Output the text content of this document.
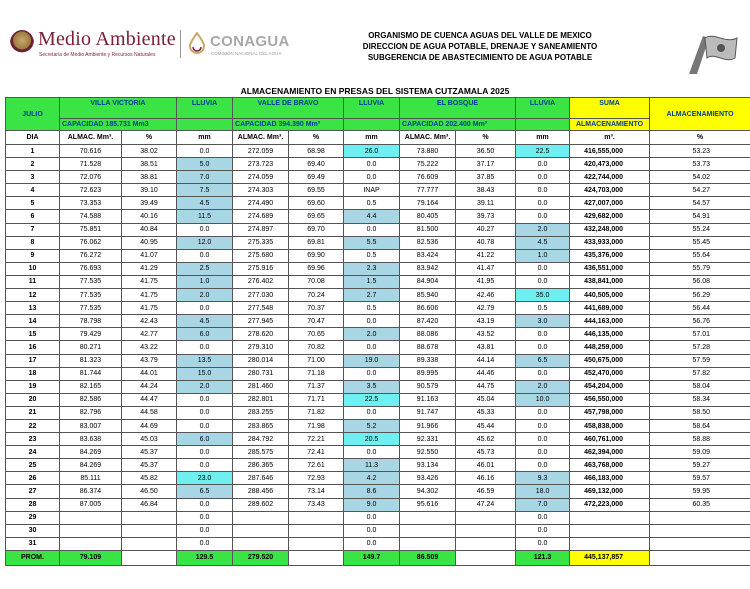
Medio Ambiente
Secretaría de Medio Ambiente y Recursos Naturales
CONAGUA
COMISIÓN NACIONAL DEL AGUA
ORGANISMO DE CUENCA AGUAS DEL VALLE DE MEXICO
DIRECCION DE AGUA POTABLE, DRENAJE Y SANEAMIENTO
SUBGERENCIA DE ABASTECIMIENTO DE AGUA POTABLE
ALMACENAMIENTO EN PRESAS DEL SISTEMA CUTZAMALA 2025
JULIO	VILLA VICTORIA		LLUVIA	VALLE DE BRAVO		LLUVIA	EL BOSQUE		LLUVIA	SUMA	ALMACENAMIENTO
	CAPACIDAD 185.731 Mm3			CAPACIDAD 394.390 Mm³			CAPACIDAD 202.400 Mm³			ALMACENAMIENTO	
DIA	ALMAC. Mm³.	%	mm	ALMAC. Mm³.	%	mm	ALMAC. Mm³.	%	mm	m³.	%
1	70.616	38.02	0.0	272.059	68.98	26.0	73.880	36.50	22.5	416,555,000	53.23
2	71.528	38.51	5.0	273.723	69.40	0.0	75.222	37.17	0.0	420,473,000	53.73
3	72.076	38.81	7.0	274.059	69.49	0.0	76.609	37.85	0.0	422,744,000	54.02
4	72.623	39.10	7.5	274.303	69.55	INAP	77.777	38.43	0.0	424,703,000	54.27
5	73.353	39.49	4.5	274.490	69.60	0.5	79.164	39.11	0.0	427,007,000	54.57
6	74.588	40.16	11.5	274.689	69.65	4.4	80.405	39.73	0.0	429,682,000	54.91
7	75.851	40.84	0.0	274.897	69.70	0.0	81.500	40.27	2.0	432,248,000	55.24
8	76.062	40.95	12.0	275.335	69.81	5.5	82.536	40.78	4.5	433,933,000	55.45
9	76.272	41.07	0.0	275.680	69.90	0.5	83.424	41.22	1.0	435,376,000	55.64
10	76.693	41.29	2.5	275.916	69.96	2.3	83.942	41.47	0.0	436,551,000	55.79
11	77.535	41.75	1.0	276.402	70.08	1.5	84.904	41.95	0.0	438,841,000	56.08
12	77.535	41.75	2.0	277.030	70.24	2.7	85.940	42.46	35.0	440,505,000	56.29
13	77.535	41.75	0.0	277.548	70.37	0.5	86.606	42.79	0.5	441,689,000	56.44
14	78.798	42.43	4.5	277.945	70.47	0.0	87.420	43.19	3.0	444,163,000	56.76
15	79.429	42.77	6.0	278.620	70.65	2.0	88.086	43.52	0.0	446,135,000	57.01
16	80.271	43.22	0.0	279.310	70.82	0.0	88.678	43.81	0.0	448,259,000	57.28
17	81.323	43.79	13.5	280.014	71.00	19.0	89.338	44.14	6.5	450,675,000	57.59
18	81.744	44.01	15.0	280.731	71.18	0.0	89.995	44.46	0.0	452,470,000	57.82
19	82.165	44.24	2.0	281.460	71.37	3.5	90.579	44.75	2.0	454,204,000	58.04
20	82.586	44.47	0.0	282.801	71.71	22.5	91.163	45.04	10.0	456,550,000	58.34
21	82.796	44.58	0.0	283.255	71.82	0.0	91.747	45.33	0.0	457,798,000	58.50
22	83.007	44.69	0.0	283.865	71.98	5.2	91.966	45.44	0.0	458,838,000	58.64
23	83.638	45.03	6.0	284.792	72.21	20.5	92.331	45.62	0.0	460,761,000	58.88
24	84.269	45.37	0.0	285.575	72.41	0.0	92.550	45.73	0.0	462,394,000	59.09
25	84.269	45.37	0.0	286.365	72.61	11.3	93.134	46.01	0.0	463,768,000	59.27
26	85.111	45.82	23.0	287.646	72.93	4.2	93.426	46.16	9.3	466,183,000	59.57
27	86.374	46.50	6.5	288.456	73.14	8.6	94.302	46.59	18.0	469,132,000	59.95
28	87.005	46.84	0.0	289.602	73.43	9.0	95.616	47.24	7.0	472,223,000	60.35
29			0.0			0.0			0.0		
30			0.0			0.0			0.0		
31			0.0			0.0			0.0		
PROM.	79.109		129.5	279.520		149.7	86.509		121.3	445,137,857	
